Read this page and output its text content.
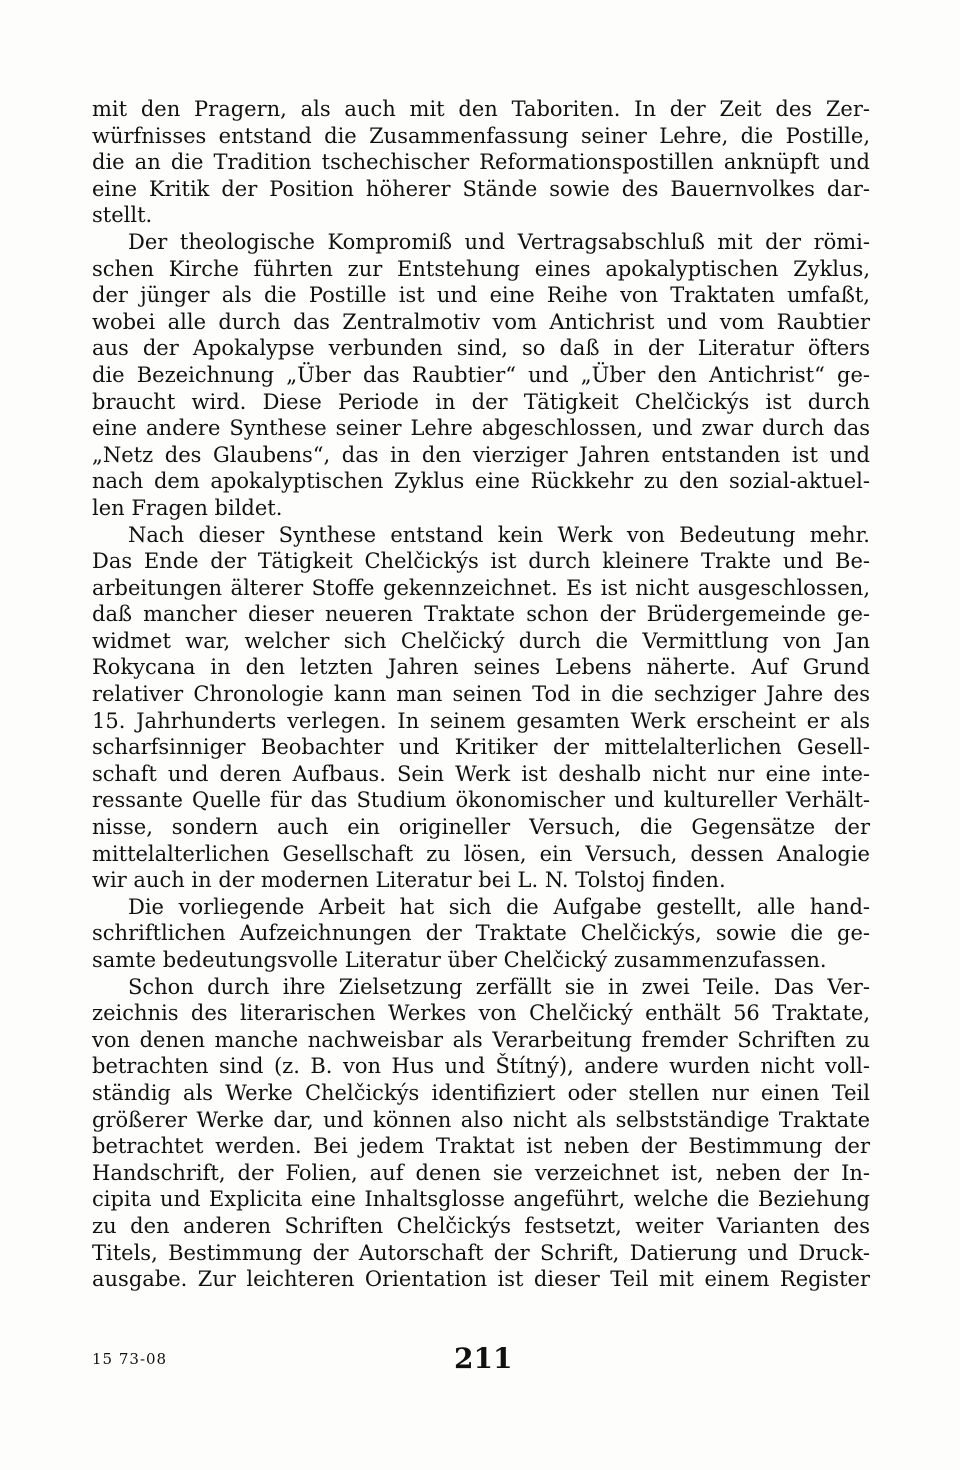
mit den Pragern, als auch mit den Taboriten. In der Zeit des Zer-
würfnisses entstand die Zusammenfassung seiner Lehre, die Postille,
die an die Tradition tschechischer Reformationspostillen anknüpft und
eine Kritik der Position höherer Stände sowie des Bauernvolkes dar-
stellt.
Der theologische Kompromiß und Vertragsabschluß mit der römi-
schen Kirche führten zur Entstehung eines apokalyptischen Zyklus,
der jünger als die Postille ist und eine Reihe von Traktaten umfaßt,
wobei alle durch das Zentralmotiv vom Antichrist und vom Raubtier
aus der Apokalypse verbunden sind, so daß in der Literatur öfters
die Bezeichnung „Über das Raubtier“ und „Über den Antichrist“ ge-
braucht wird. Diese Periode in der Tätigkeit Chelčickýs ist durch
eine andere Synthese seiner Lehre abgeschlossen, und zwar durch das
„Netz des Glaubens“, das in den vierziger Jahren entstanden ist und
nach dem apokalyptischen Zyklus eine Rückkehr zu den sozial-aktuel-
len Fragen bildet.
Nach dieser Synthese entstand kein Werk von Bedeutung mehr.
Das Ende der Tätigkeit Chelčickýs ist durch kleinere Trakte und Be-
arbeitungen älterer Stoffe gekennzeichnet. Es ist nicht ausgeschlossen,
daß mancher dieser neueren Traktate schon der Brüdergemeinde ge-
widmet war, welcher sich Chelčický durch die Vermittlung von Jan
Rokycana in den letzten Jahren seines Lebens näherte. Auf Grund
relativer Chronologie kann man seinen Tod in die sechziger Jahre des
15. Jahrhunderts verlegen. In seinem gesamten Werk erscheint er als
scharfsinniger Beobachter und Kritiker der mittelalterlichen Gesell-
schaft und deren Aufbaus. Sein Werk ist deshalb nicht nur eine inte-
ressante Quelle für das Studium ökonomischer und kultureller Verhält-
nisse, sondern auch ein origineller Versuch, die Gegensätze der
mittelalterlichen Gesellschaft zu lösen, ein Versuch, dessen Analogie
wir auch in der modernen Literatur bei L. N. Tolstoj finden.
Die vorliegende Arbeit hat sich die Aufgabe gestellt, alle hand-
schriftlichen Aufzeichnungen der Traktate Chelčickýs, sowie die ge-
samte bedeutungsvolle Literatur über Chelčický zusammenzufassen.
Schon durch ihre Zielsetzung zerfällt sie in zwei Teile. Das Ver-
zeichnis des literarischen Werkes von Chelčický enthält 56 Traktate,
von denen manche nachweisbar als Verarbeitung fremder Schriften zu
betrachten sind (z. B. von Hus und Štítný), andere wurden nicht voll-
ständig als Werke Chelčickýs identifiziert oder stellen nur einen Teil
größerer Werke dar, und können also nicht als selbstständige Traktate
betrachtet werden. Bei jedem Traktat ist neben der Bestimmung der
Handschrift, der Folien, auf denen sie verzeichnet ist, neben der In-
cipita und Explicita eine Inhaltsglosse angeführt, welche die Beziehung
zu den anderen Schriften Chelčickýs festsetzt, weiter Varianten des
Titels, Bestimmung der Autorschaft der Schrift, Datierung und Druck-
ausgabe. Zur leichteren Orientation ist dieser Teil mit einem Register
15 73-08	211
